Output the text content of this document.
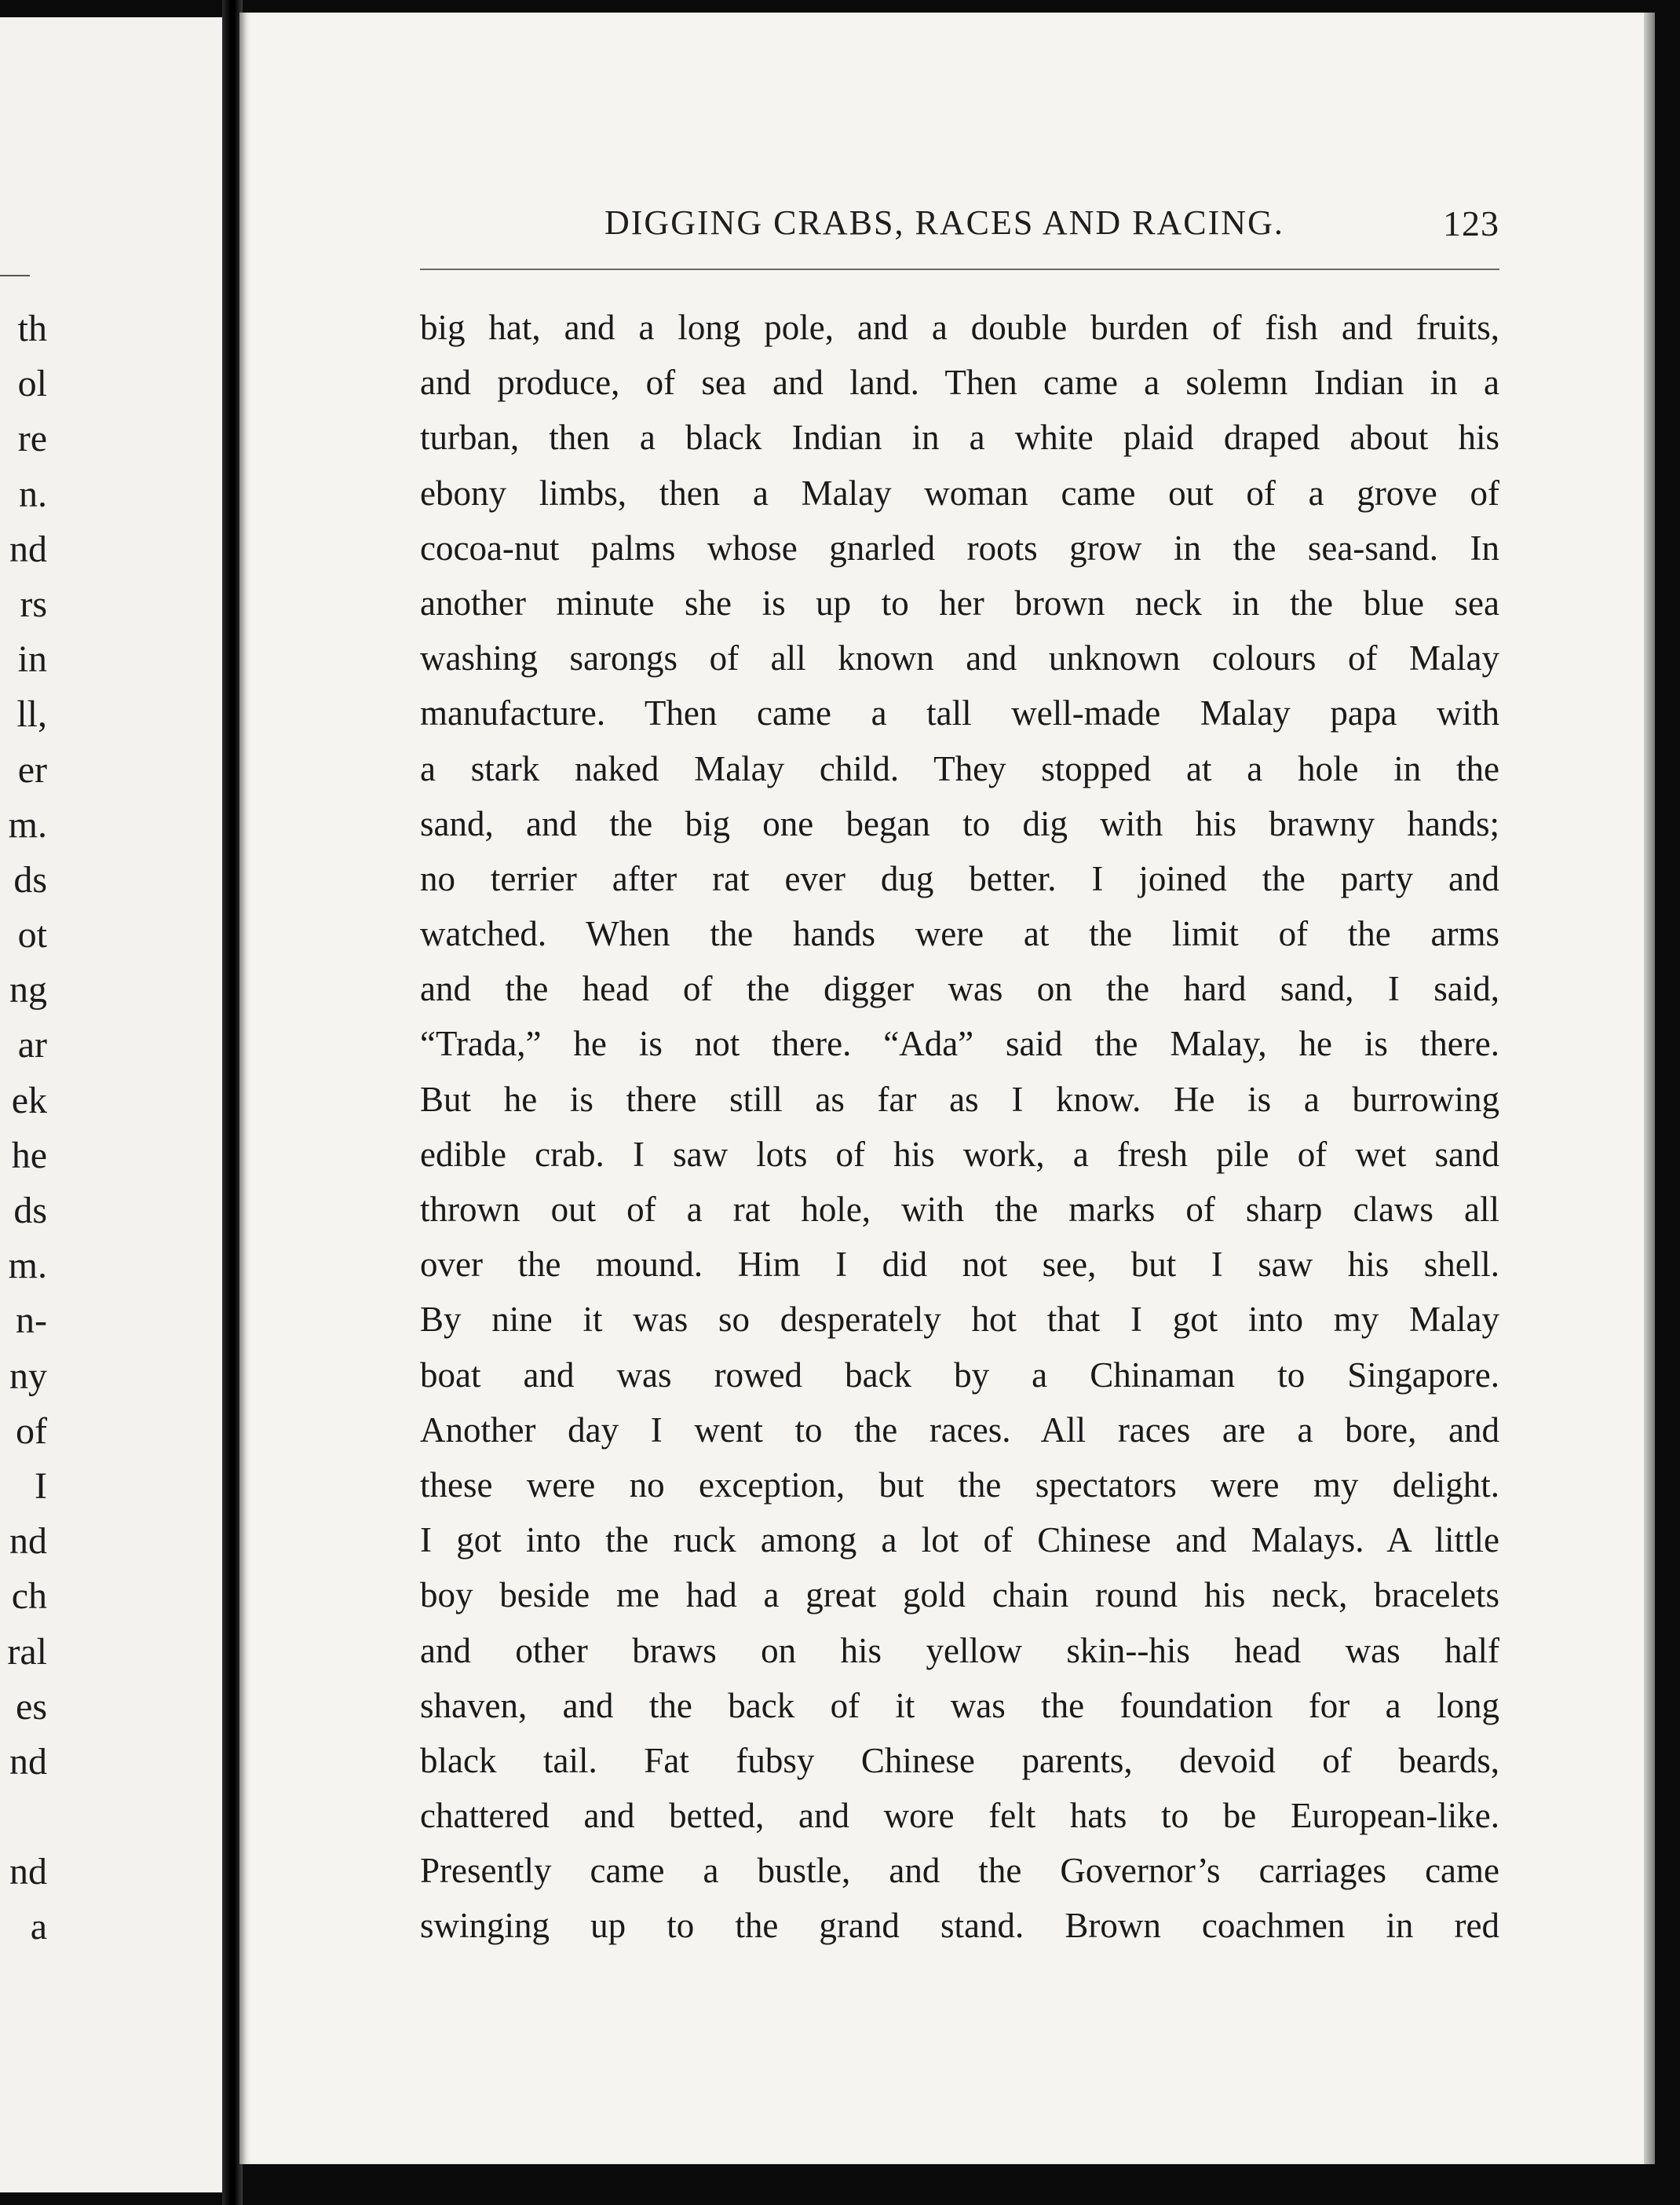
th
ol
re
n.
nd
rs
in
ll,
er
m.
ds
ot
ng
ar
ek
he
ds
m.
n-
ny
of
I
nd
ch
ral
es
nd
nd
a
DIGGING CRABS, RACES AND RACING.	123
big hat, and a long pole, and a double burden of fish and fruits,
and produce, of sea and land. Then came a solemn Indian in a
turban, then a black Indian in a white plaid draped about his
ebony limbs, then a Malay woman came out of a grove of
cocoa-nut palms whose gnarled roots grow in the sea-sand. In
another minute she is up to her brown neck in the blue sea
washing sarongs of all known and unknown colours of Malay
manufacture. Then came a tall well-made Malay papa with
a stark naked Malay child. They stopped at a hole in the
sand, and the big one began to dig with his brawny hands;
no terrier after rat ever dug better. I joined the party and
watched. When the hands were at the limit of the arms
and the head of the digger was on the hard sand, I said,
“Trada,” he is not there. “Ada” said the Malay, he is there.
But he is there still as far as I know. He is a burrowing
edible crab. I saw lots of his work, a fresh pile of wet sand
thrown out of a rat hole, with the marks of sharp claws all
over the mound. Him I did not see, but I saw his shell.
By nine it was so desperately hot that I got into my Malay
boat and was rowed back by a Chinaman to Singapore.
Another day I went to the races. All races are a bore, and
these were no exception, but the spectators were my delight.
I got into the ruck among a lot of Chinese and Malays. A little
boy beside me had a great gold chain round his neck, bracelets
and other braws on his yellow skin--his head was half
shaven, and the back of it was the foundation for a long
black tail. Fat fubsy Chinese parents, devoid of beards,
chattered and betted, and wore felt hats to be European-like.
Presently came a bustle, and the Governor’s carriages came
swinging up to the grand stand. Brown coachmen in red
